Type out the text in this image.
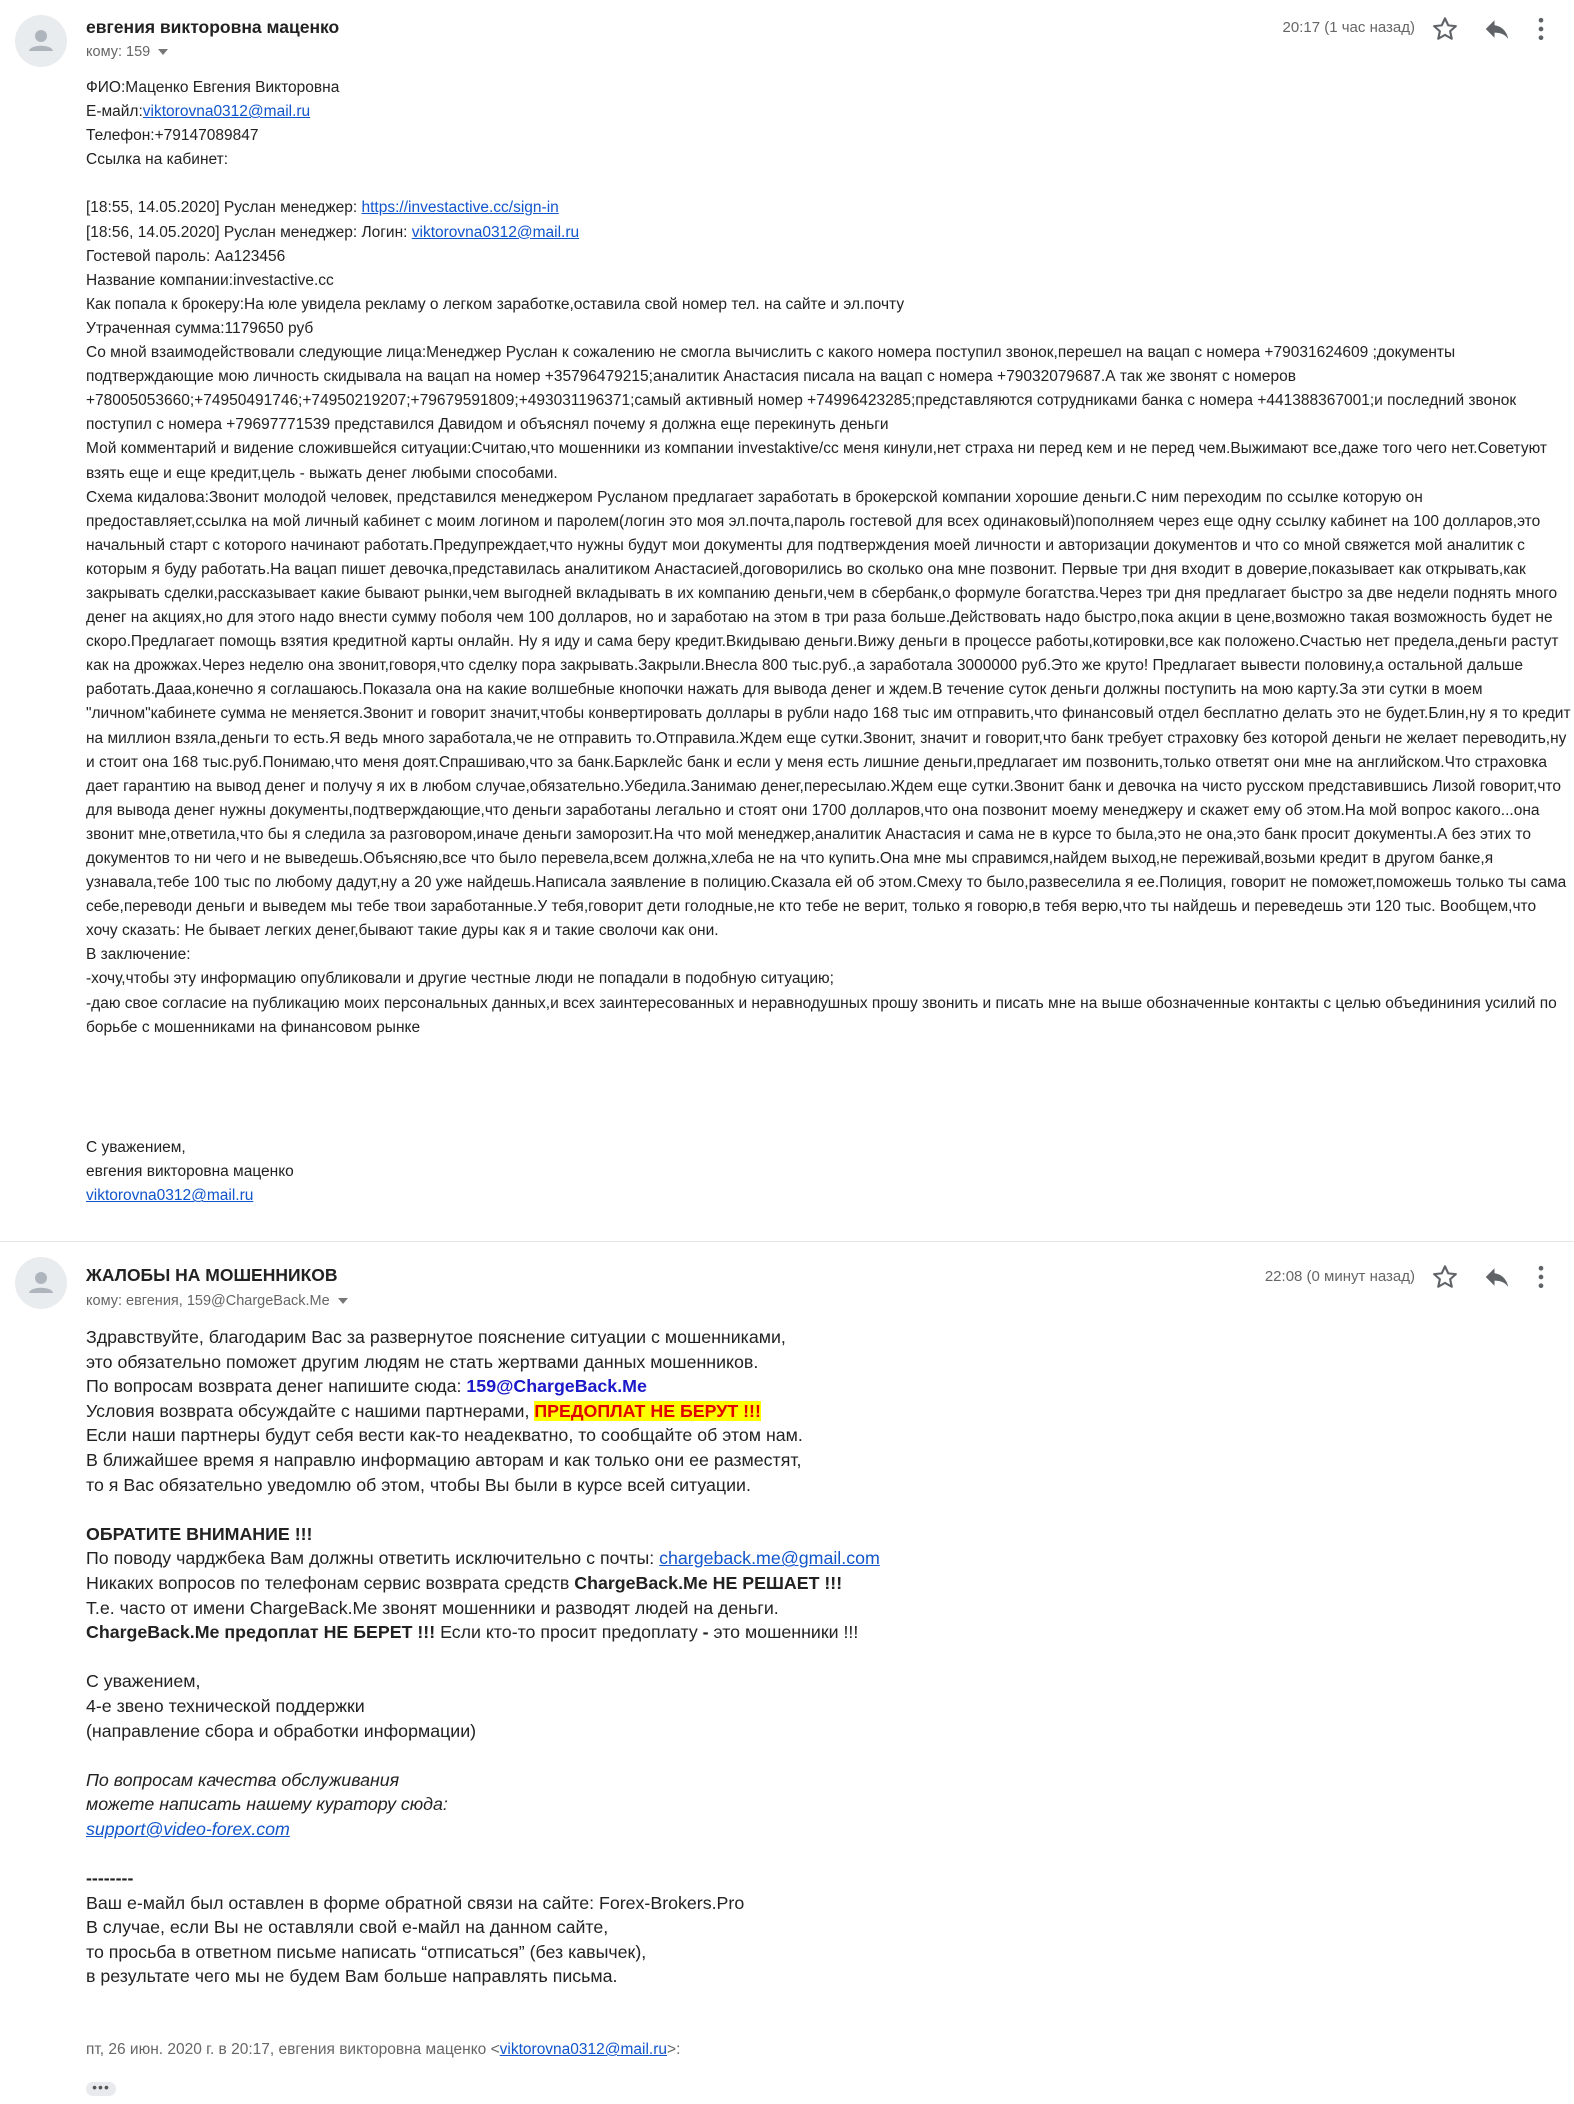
евгения викторовна маценко
кому: 159
20:17 (1 час назад)

ФИО:Маценко Евгения Викторовна

Е-майл:viktorovna0312@mail.ru

Телефон:+79147089847

Ссылка на кабинет:

[18:55, 14.05.2020] Руслан менеджер: https://investactive.cc/sign-in

[18:56, 14.05.2020] Руслан менеджер: Логин: viktorovna0312@mail.ru

Гостевой пароль: Aa123456

Название компании:investactive.cc

Как попала к брокеру:На юле увидела рекламу о легком заработке,оставила свой номер тел. на сайте и эл.почту

Утраченная сумма:1179650 руб

Со мной взаимодействовали следующие лица:Менеджер Руслан к сожалению не смогла вычислить с какого номера поступил звонок,перешел на вацап с номера +79031624609 ;документы подтверждающие мою личность скидывала на вацап на номер +35796479215;аналитик Анастасия писала на вацап с номера +79032079687.А так же звонят с номеров +78005053660;+74950491746;+74950219207;+79679591809;+493031196371;самый активный номер +74996423285;представляются сотрудниками банка с номера +441388367001;и последний звонок поступил с номера +79697771539 представился Давидом и объяснял почему я должна еще перекинуть деньги

Мой комментарий и видение сложившейся ситуации:Считаю,что мошенники из компании investaktive/cc меня кинули,нет страха ни перед кем и не перед чем.Выжимают все,даже того чего нет.Советуют взять еще и еще кредит,цель - выжать денег любыми способами.

Схема кидалова:Звонит молодой человек, представился менеджером Русланом предлагает заработать в брокерской компании хорошие деньги.С ним переходим по ссылке которую он предоставляет,ссылка на мой личный кабинет с моим логином и паролем(логин это моя эл.почта,пароль гостевой для всех одинаковый)пополняем через еще одну ссылку кабинет на 100 долларов,это начальный старт с которого начинают работать.Предупреждает,что нужны будут мои документы для подтверждения моей личности и авторизации документов и что со мной свяжется мой аналитик с которым я буду работать.На вацап пишет девочка,представилась аналитиком Анастасией,договорились во сколько она мне позвонит. Первые три дня входит в доверие,показывает как открывать,как закрывать сделки,рассказывает какие бывают рынки,чем выгодней вкладывать в их компанию деньги,чем в сбербанк,о формуле богатства.Через три дня предлагает быстро за две недели поднять много денег на акциях,но для этого надо внести сумму поболя чем 100 долларов, но и заработаю на этом в три раза больше.Действовать надо быстро,пока акции в цене,возможно такая возможность будет не скоро.Предлагает помощь взятия кредитной карты онлайн. Ну я иду и сама беру кредит.Вкидываю деньги.Вижу деньги в процессе работы,котировки,все как положено.Счастью нет предела,деньги растут как на дрожжах.Через неделю она звонит,говоря,что сделку пора закрывать.Закрыли.Внесла 800 тыс.руб.,а заработала 3000000 руб.Это же круто! Предлагает вывести половину,а остальной дальше работать.Дааа,конечно я соглашаюсь.Показала она на какие волшебные кнопочки нажать для вывода денег и ждем.В течение суток деньги должны поступить на мою карту.За эти сутки в моем "личном"кабинете сумма не меняется.Звонит и говорит значит,чтобы конвертировать доллары в рубли надо 168 тыс им отправить,что финансовый отдел бесплатно делать это не будет.Блин,ну я то кредит на миллион взяла,деньги то есть.Я ведь много заработала,че не отправить то.Отправила.Ждем еще сутки.Звонит, значит и говорит,что банк требует страховку без которой деньги не желает переводить,ну и стоит она 168 тыс.руб.Понимаю,что меня доят.Спрашиваю,что за банк.Барклейс банк и если у меня есть лишние деньги,предлагает им позвонить,только ответят они мне на английском.Что страховка дает гарантию на вывод денег и получу я их в любом случае,обязательно.Убедила.Занимаю денег,пересылаю.Ждем еще сутки.Звонит банк и девочка на чисто русском представившись Лизой говорит,что для вывода денег нужны документы,подтверждающие,что деньги заработаны легально и стоят они 1700 долларов,что она позвонит моему менеджеру и скажет ему об этом.На мой вопрос какого...она звонит мне,ответила,что бы я следила за разговором,иначе деньги заморозит.На что мой менеджер,аналитик Анастасия и сама не в курсе то была,это не она,это банк просит документы.А без этих то документов то ни чего и не выведешь.Объясняю,все что было перевела,всем должна,хлеба не на что купить.Она мне мы справимся,найдем выход,не переживай,возьми кредит в другом банке,я узнавала,тебе 100 тыс по любому дадут,ну а 20 уже найдешь.Написала заявление в полицию.Сказала ей об этом.Смеху то было,развеселила я ее.Полиция, говорит не поможет,поможешь только ты сама себе,переводи деньги и выведем мы тебе твои заработанные.У тебя,говорит дети голодные,не кто тебе не верит, только я говорю,в тебя верю,что ты найдешь и переведешь эти 120 тыс. Вообщем,что хочу сказать: Не бывает легких денег,бывают такие дуры как я и такие сволочи как они.

В заключение:

-хочу,чтобы эту информацию опубликовали и другие честные люди не попадали в подобную ситуацию;

-даю свое согласие на публикацию моих персональных данных,и всех заинтересованных и неравнодушных прошу звонить и писать мне на выше обозначенные контакты с целью объедининия усилий по борьбе с мошенниками на финансовом рынке

С уважением,

евгения викторовна маценко

viktorovna0312@mail.ru

ЖАЛОБЫ НА МОШЕННИКОВ
кому: евгения, 159@ChargeBack.Me
22:08 (0 минут назад)

Здравствуйте, благодарим Вас за развернутое пояснение ситуации с мошенниками,

это обязательно поможет другим людям не стать жертвами данных мошенников.

По вопросам возврата денег напишите сюда: 159@ChargeBack.Me

Условия возврата обсуждайте с нашими партнерами, ПРЕДОПЛАТ НЕ БЕРУТ !!!

Если наши партнеры будут себя вести как-то неадекватно, то сообщайте об этом нам.

В ближайшее время я направлю информацию авторам и как только они ее разместят,

то я Вас обязательно уведомлю об этом, чтобы Вы были в курсе всей ситуации.

ОБРАТИТЕ ВНИМАНИЕ !!!

По поводу чарджбека Вам должны ответить исключительно с почты: chargeback.me@gmail.com

Никаких вопросов по телефонам сервис возврата средств ChargeBack.Me НЕ РЕШАЕТ !!!

Т.е. часто от имени ChargeBack.Me звонят мошенники и разводят людей на деньги.

ChargeBack.Me предоплат НЕ БЕРЕТ !!! Если кто-то просит предоплату - это мошенники !!!

С уважением,

4-е звено технической поддержки

(направление сбора и обработки информации)

По вопросам качества обслуживания

можете написать нашему куратору сюда:

support@video-forex.com

--------

Ваш е-майл был оставлен в форме обратной связи на сайте: Forex-Brokers.Pro

В случае, если Вы не оставляли свой е-майл на данном сайте,

то просьба в ответном письме написать “отписаться” (без кавычек),

в результате чего мы не будем Вам больше направлять письма.

пт, 26 июн. 2020 г. в 20:17, евгения викторовна маценко <viktorovna0312@mail.ru>:
•••
